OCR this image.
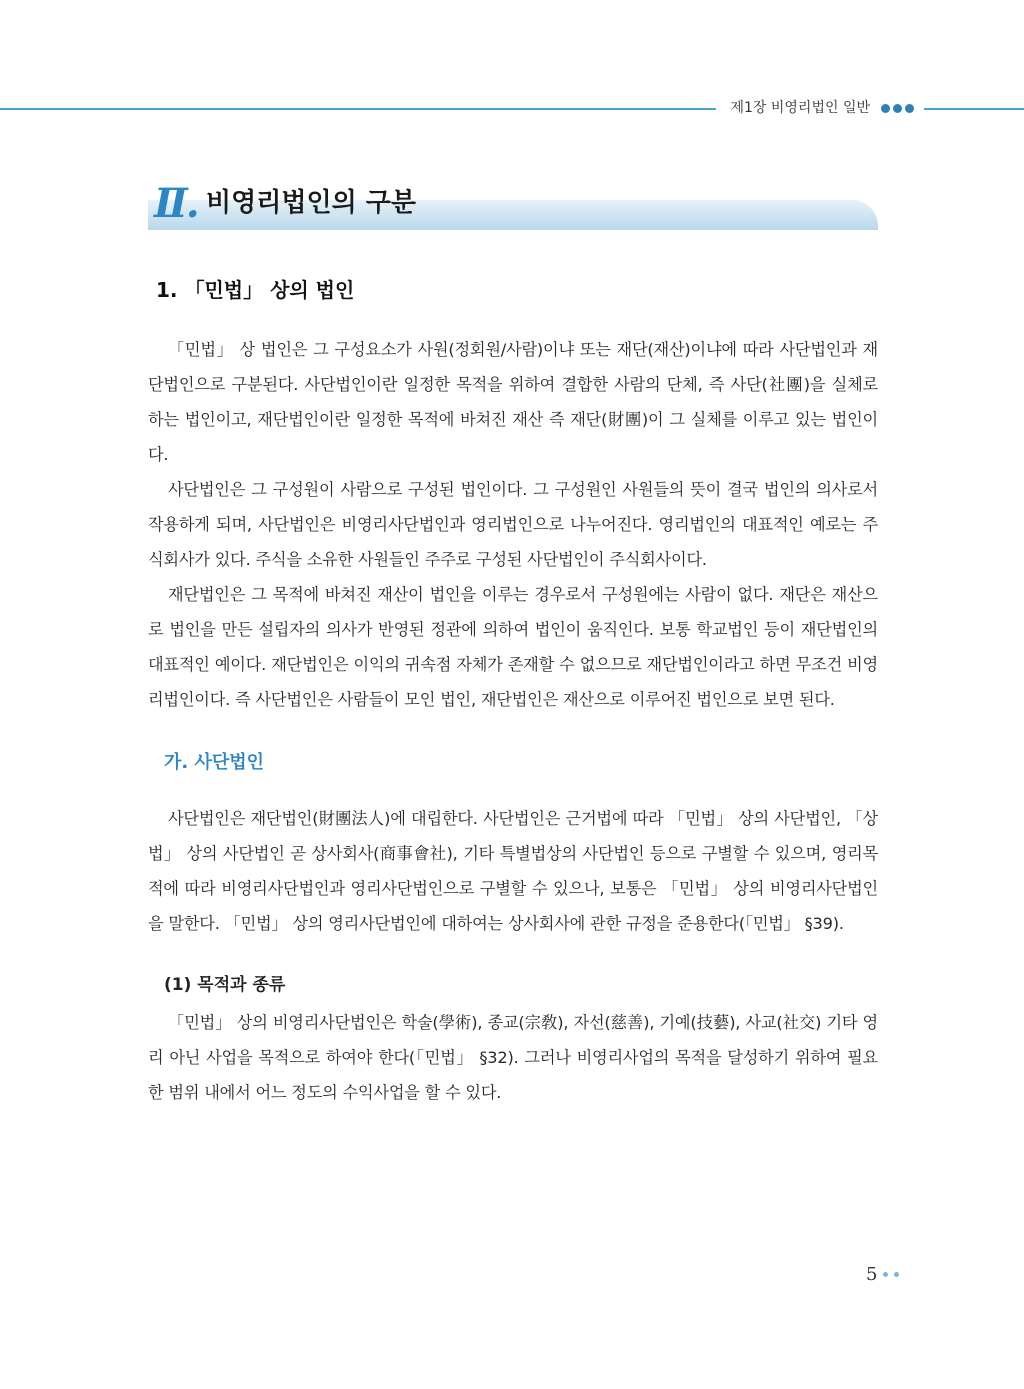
제1장 비영리법인 일반
Ⅱ. 비영리법인의 구분
1. 「민법」 상의 법인

「민법」 상 법인은 그 구성요소가 사원(정회원/사람)이냐 또는 재단(재산)이냐에 따라 사단법인과 재단법인으로 구분된다. 사단법인이란 일정한 목적을 위하여 결합한 사람의 단체, 즉 사단(社團)을 실체로 하는 법인이고, 재단법인이란 일정한 목적에 바쳐진 재산 즉 재단(財團)이 그 실체를 이루고 있는 법인이다.

사단법인은 그 구성원이 사람으로 구성된 법인이다. 그 구성원인 사원들의 뜻이 결국 법인의 의사로서 작용하게 되며, 사단법인은 비영리사단법인과 영리법인으로 나누어진다. 영리법인의 대표적인 예로는 주식회사가 있다. 주식을 소유한 사원들인 주주로 구성된 사단법인이 주식회사이다.

재단법인은 그 목적에 바쳐진 재산이 법인을 이루는 경우로서 구성원에는 사람이 없다. 재단은 재산으로 법인을 만든 설립자의 의사가 반영된 정관에 의하여 법인이 움직인다. 보통 학교법인 등이 재단법인의 대표적인 예이다. 재단법인은 이익의 귀속점 자체가 존재할 수 없으므로 재단법인이라고 하면 무조건 비영리법인이다. 즉 사단법인은 사람들이 모인 법인, 재단법인은 재산으로 이루어진 법인으로 보면 된다.

가. 사단법인

사단법인은 재단법인(財團法人)에 대립한다. 사단법인은 근거법에 따라 「민법」 상의 사단법인, 「상법」 상의 사단법인 곧 상사회사(商事會社), 기타 특별법상의 사단법인 등으로 구별할 수 있으며, 영리목적에 따라 비영리사단법인과 영리사단법인으로 구별할 수 있으나, 보통은 「민법」 상의 비영리사단법인을 말한다. 「민법」 상의 영리사단법인에 대하여는 상사회사에 관한 규정을 준용한다(「민법」 §39).

(1) 목적과 종류

「민법」 상의 비영리사단법인은 학술(學術), 종교(宗敎), 자선(慈善), 기예(技藝), 사교(社交) 기타 영리 아닌 사업을 목적으로 하여야 한다(「민법」 §32). 그러나 비영리사업의 목적을 달성하기 위하여 필요한 범위 내에서 어느 정도의 수익사업을 할 수 있다.

5
